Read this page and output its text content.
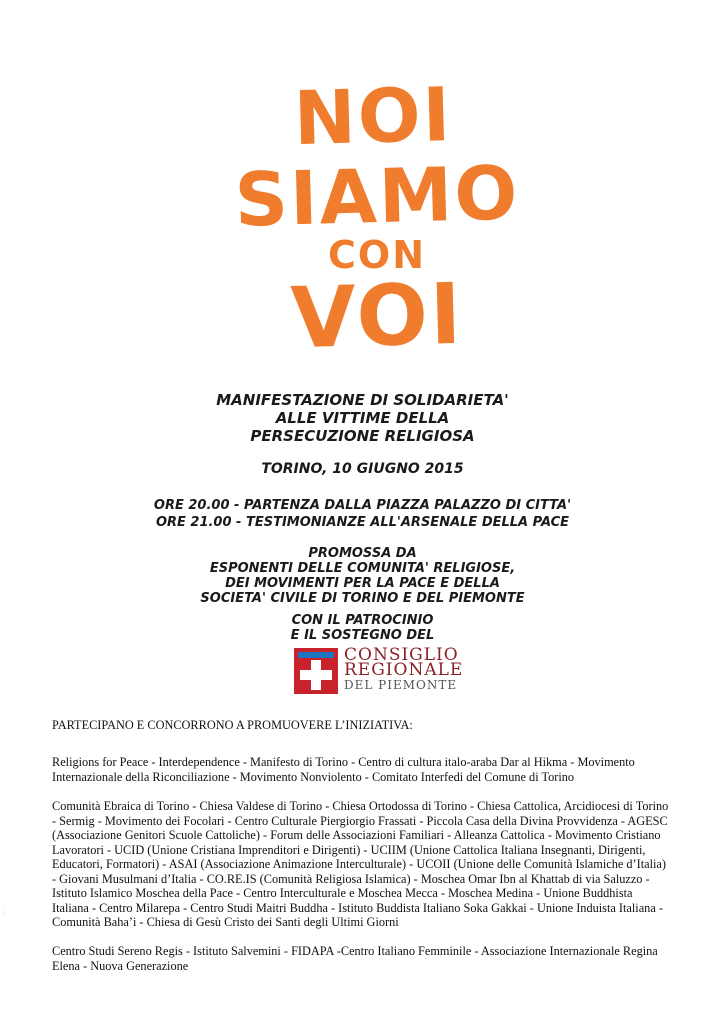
NOI
SIAMO
CON
VOI
MANIFESTAZIONE DI SOLIDARIETA'
ALLE VITTIME DELLA
PERSECUZIONE RELIGIOSA
TORINO, 10 GIUGNO 2015
ORE 20.00 - PARTENZA DALLA PIAZZA PALAZZO DI CITTA'
ORE 21.00 - TESTIMONIANZE ALL'ARSENALE DELLA PACE
PROMOSSA DA
ESPONENTI DELLE COMUNITA' RELIGIOSE,
DEI MOVIMENTI PER LA PACE E DELLA
SOCIETA' CIVILE DI TORINO E DEL PIEMONTE
CON IL PATROCINIO
E IL SOSTEGNO DEL
CONSIGLIO
REGIONALE
DEL PIEMONTE
PARTECIPANO E CONCORRONO A PROMUOVERE L’INIZIATIVA:
Religions for Peace - Interdependence - Manifesto di Torino - Centro di cultura italo-araba Dar al Hikma - Movimento Internazionale della Riconciliazione - Movimento Nonviolento - Comitato Interfedi del Comune di Torino
Comunità Ebraica di Torino - Chiesa Valdese di Torino - Chiesa Ortodossa di Torino - Chiesa Cattolica, Arcidiocesi di Torino - Sermig - Movimento dei Focolari - Centro Culturale Piergiorgio Frassati - Piccola Casa della Divina Provvidenza - AGESC (Associazione Genitori Scuole Cattoliche) - Forum delle Associazioni Familiari - Alleanza Cattolica - Movimento Cristiano Lavoratori - UCID (Unione Cristiana Imprenditori e Dirigenti) - UCIIM (Unione Cattolica Italiana Insegnanti, Dirigenti, Educatori, Formatori) - ASAI (Associazione Animazione Interculturale) - UCOII (Unione delle Comunità Islamiche d’Italia) - Giovani Musulmani d’Italia - CO.RE.IS (Comunità Religiosa Islamica) - Moschea Omar Ibn al Khattab di via Saluzzo - Istituto Islamico Moschea della Pace - Centro Interculturale e Moschea Mecca - Moschea Medina - Unione Buddhista Italiana - Centro Milarepa - Centro Studi Maitri Buddha - Istituto Buddista Italiano Soka Gakkai - Unione Induista Italiana - Comunità Baha’i - Chiesa di Gesù Cristo dei Santi degli Ultimi Giorni
Centro Studi Sereno Regis - Istituto Salvemini - FIDAPA -Centro Italiano Femminile - Associazione Internazionale Regina Elena - Nuova Generazione
·
·
